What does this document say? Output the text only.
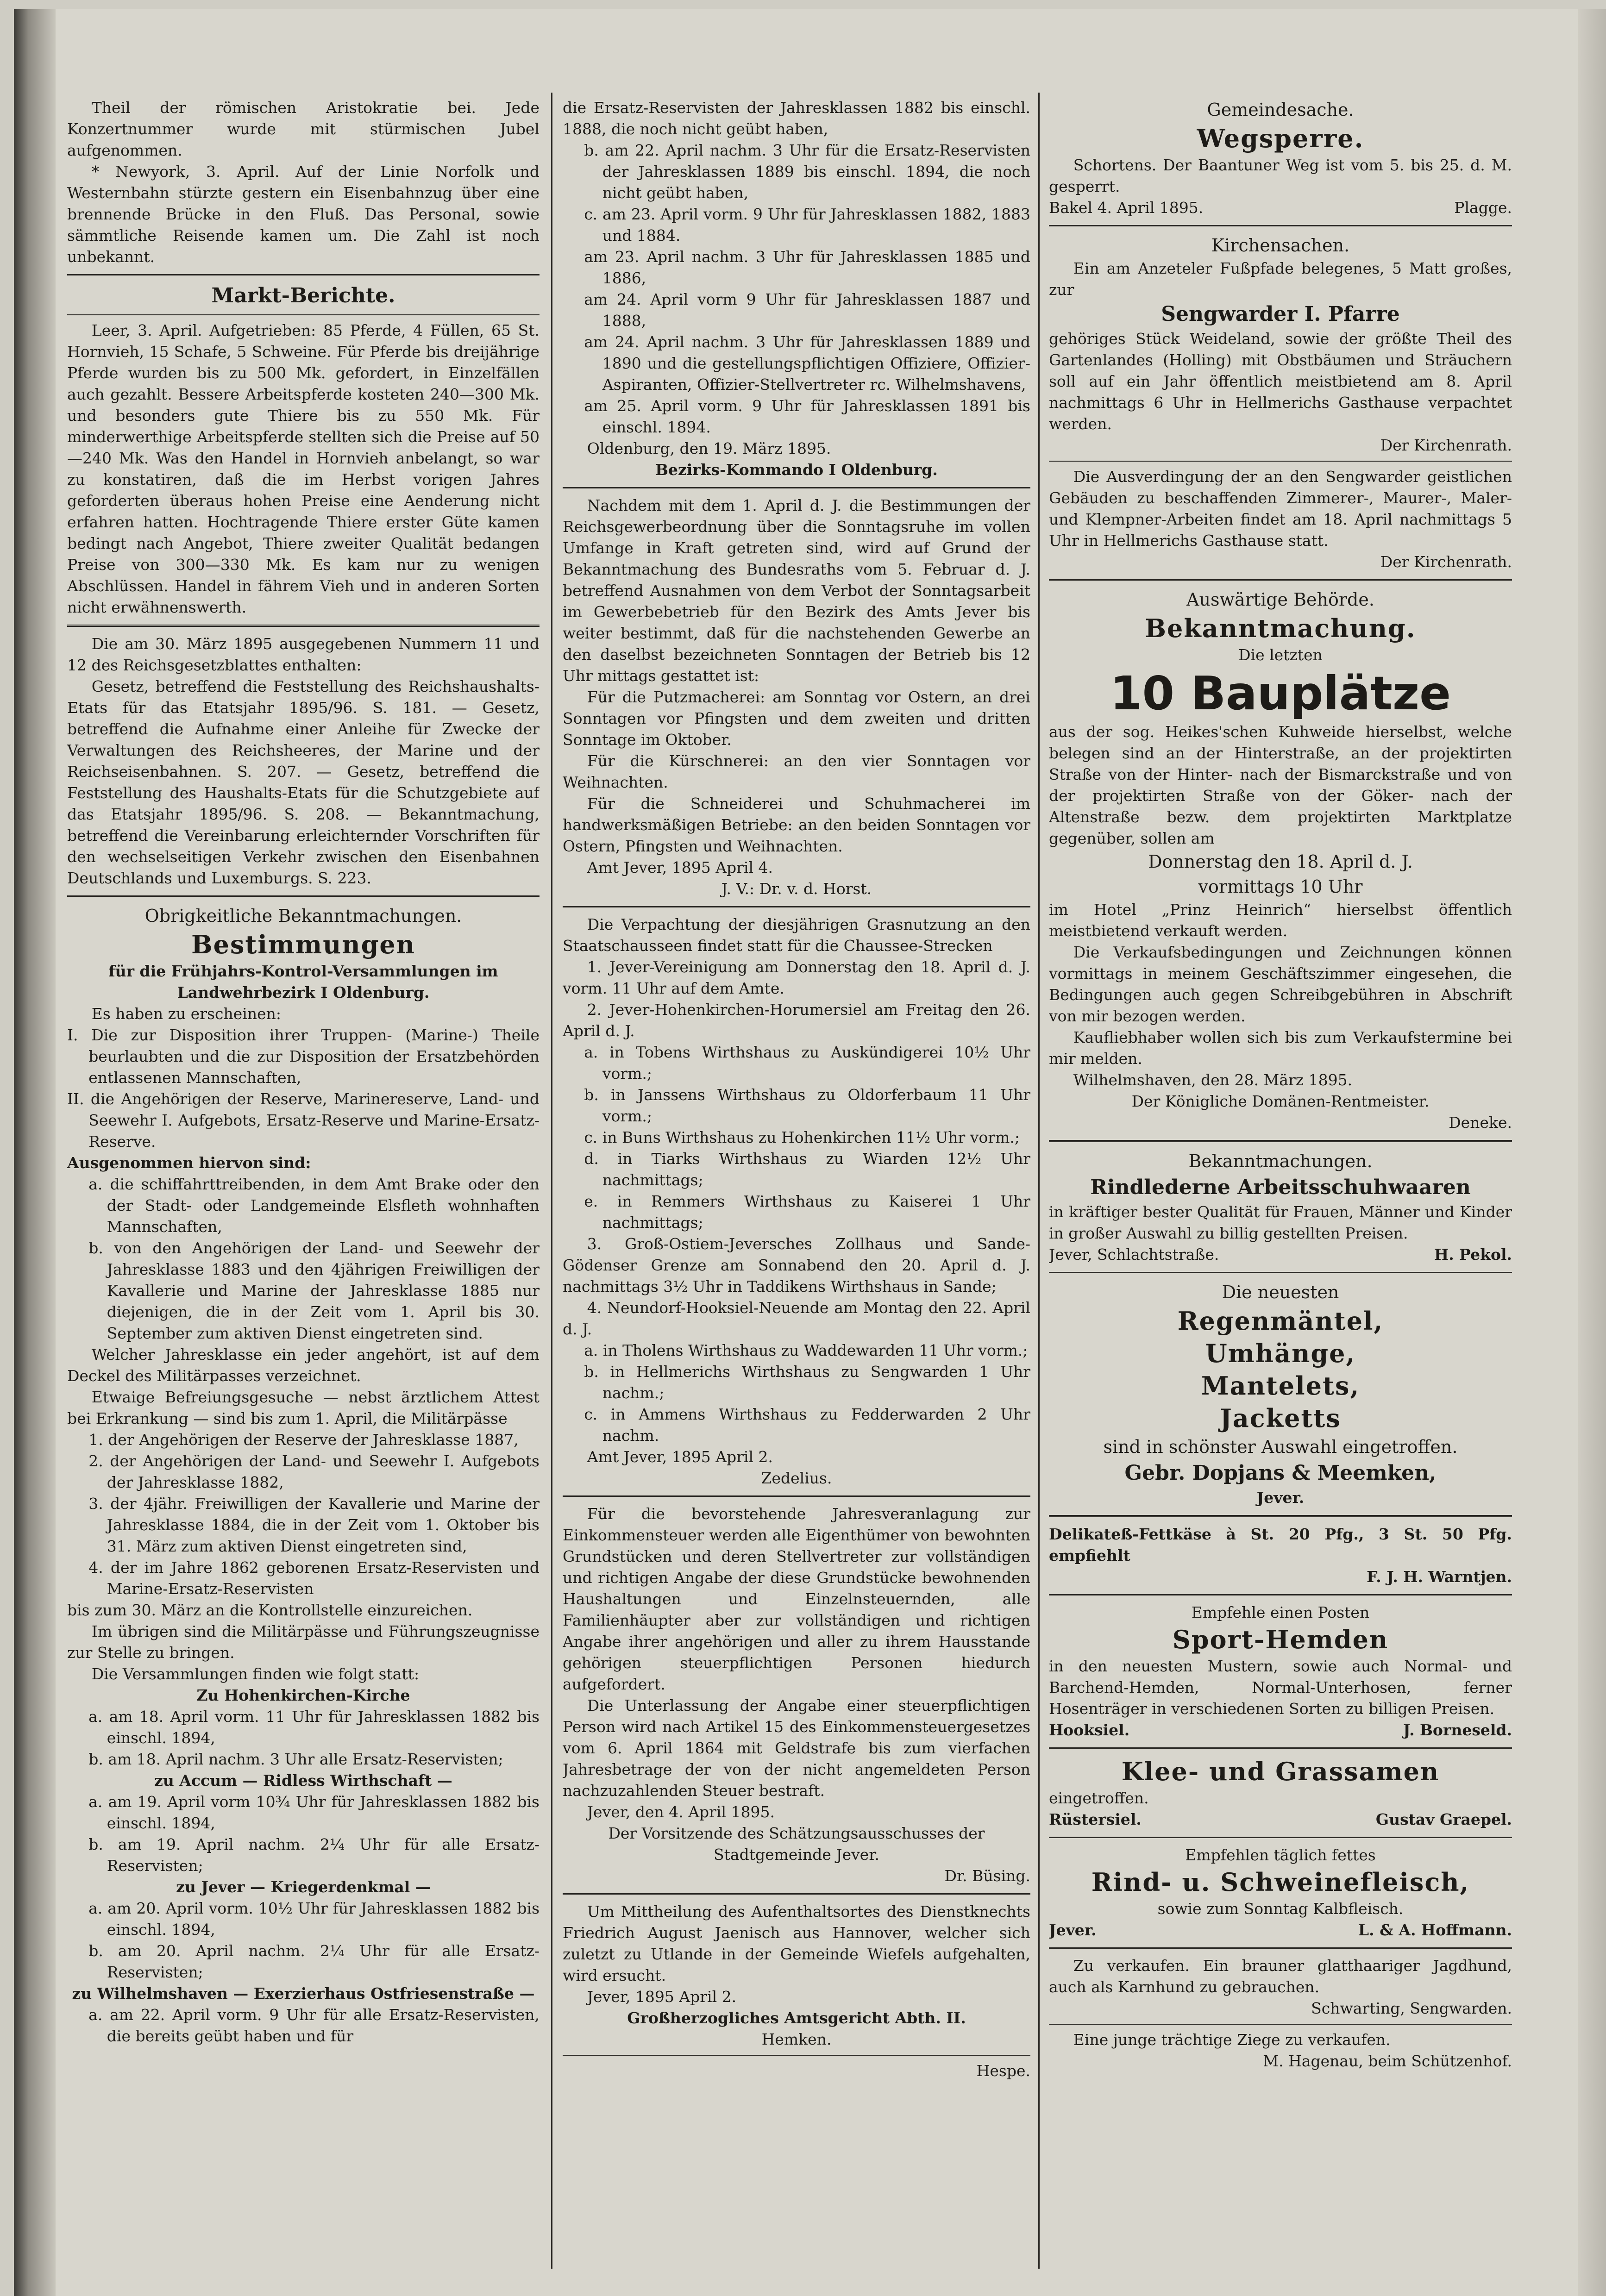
Theil der römischen Aristokratie bei. Jede Konzertnummer wurde mit stürmischen Jubel aufgenommen.

* Newyork, 3. April. Auf der Linie Norfolk und Westernbahn stürzte gestern ein Eisenbahnzug über eine brennende Brücke in den Fluß. Das Personal, sowie sämmtliche Reisende kamen um. Die Zahl ist noch unbekannt.

Markt-Berichte.

Leer, 3. April. Aufgetrieben: 85 Pferde, 4 Füllen, 65 St. Hornvieh, 15 Schafe, 5 Schweine. Für Pferde bis dreijährige Pferde wurden bis zu 500 Mk. gefordert, in Einzelfällen auch gezahlt. Bessere Arbeitspferde kosteten 240—300 Mk. und besonders gute Thiere bis zu 550 Mk. Für minderwerthige Arbeitspferde stellten sich die Preise auf 50—240 Mk. Was den Handel in Hornvieh anbelangt, so war zu konstatiren, daß die im Herbst vorigen Jahres geforderten überaus hohen Preise eine Aenderung nicht erfahren hatten. Hochtragende Thiere erster Güte kamen bedingt nach Angebot, Thiere zweiter Qualität bedangen Preise von 300—330 Mk. Es kam nur zu wenigen Abschlüssen. Handel in fährem Vieh und in anderen Sorten nicht erwähnenswerth.

Die am 30. März 1895 ausgegebenen Nummern 11 und 12 des Reichsgesetzblattes enthalten:

Gesetz, betreffend die Feststellung des Reichshaushalts-Etats für das Etatsjahr 1895/96. S. 181. — Gesetz, betreffend die Aufnahme einer Anleihe für Zwecke der Verwaltungen des Reichsheeres, der Marine und der Reichseisenbahnen. S. 207. — Gesetz, betreffend die Feststellung des Haushalts-Etats für die Schutzgebiete auf das Etatsjahr 1895/96. S. 208. — Bekanntmachung, betreffend die Vereinbarung erleichternder Vorschriften für den wechselseitigen Verkehr zwischen den Eisenbahnen Deutschlands und Luxemburgs. S. 223.

Obrigkeitliche Bekanntmachungen.

Bestimmungen

für die Frühjahrs-Kontrol-Versammlungen im Landwehrbezirk I Oldenburg.

Es haben zu erscheinen:

I. Die zur Disposition ihrer Truppen- (Marine-) Theile beurlaubten und die zur Disposition der Ersatzbehörden entlassenen Mannschaften,

II. die Angehörigen der Reserve, Marinereserve, Land- und Seewehr I. Aufgebots, Ersatz-Reserve und Marine-Ersatz-Reserve.

Ausgenommen hiervon sind:

a. die schiffahrttreibenden, in dem Amt Brake oder den der Stadt- oder Landgemeinde Elsfleth wohnhaften Mannschaften,

b. von den Angehörigen der Land- und Seewehr der Jahresklasse 1883 und den 4jährigen Freiwilligen der Kavallerie und Marine der Jahresklasse 1885 nur diejenigen, die in der Zeit vom 1. April bis 30. September zum aktiven Dienst eingetreten sind.

Welcher Jahresklasse ein jeder angehört, ist auf dem Deckel des Militärpasses verzeichnet.

Etwaige Befreiungsgesuche — nebst ärztlichem Attest bei Erkrankung — sind bis zum 1. April, die Militärpässe

1. der Angehörigen der Reserve der Jahresklasse 1887,

2. der Angehörigen der Land- und Seewehr I. Aufgebots der Jahresklasse 1882,

3. der 4jähr. Freiwilligen der Kavallerie und Marine der Jahresklasse 1884, die in der Zeit vom 1. Oktober bis 31. März zum aktiven Dienst eingetreten sind,

4. der im Jahre 1862 geborenen Ersatz-Reservisten und Marine-Ersatz-Reservisten

bis zum 30. März an die Kontrollstelle einzureichen.

Im übrigen sind die Militärpässe und Führungszeugnisse zur Stelle zu bringen.

Die Versammlungen finden wie folgt statt:

Zu Hohenkirchen-Kirche

a. am 18. April vorm. 11 Uhr für Jahresklassen 1882 bis einschl. 1894,

b. am 18. April nachm. 3 Uhr alle Ersatz-Reservisten;

zu Accum — Ridless Wirthschaft —

a. am 19. April vorm 10¾ Uhr für Jahresklassen 1882 bis einschl. 1894,

b. am 19. April nachm. 2¼ Uhr für alle Ersatz-Reservisten;

zu Jever — Kriegerdenkmal —

a. am 20. April vorm. 10½ Uhr für Jahresklassen 1882 bis einschl. 1894,

b. am 20. April nachm. 2¼ Uhr für alle Ersatz-Reservisten;

zu Wilhelmshaven — Exerzierhaus Ostfriesenstraße —

a. am 22. April vorm. 9 Uhr für alle Ersatz-Reservisten, die bereits geübt haben und für

die Ersatz-Reservisten der Jahresklassen 1882 bis einschl. 1888, die noch nicht geübt haben,

b. am 22. April nachm. 3 Uhr für die Ersatz-Reservisten der Jahresklassen 1889 bis einschl. 1894, die noch nicht geübt haben,

c. am 23. April vorm. 9 Uhr für Jahresklassen 1882, 1883 und 1884.

am 23. April nachm. 3 Uhr für Jahresklassen 1885 und 1886,

am 24. April vorm 9 Uhr für Jahresklassen 1887 und 1888,

am 24. April nachm. 3 Uhr für Jahresklassen 1889 und 1890 und die gestellungspflichtigen Offiziere, Offizier-Aspiranten, Offizier-Stellvertreter rc. Wilhelmshavens,

am 25. April vorm. 9 Uhr für Jahresklassen 1891 bis einschl. 1894.

Oldenburg, den 19. März 1895.

Bezirks-Kommando I Oldenburg.

Nachdem mit dem 1. April d. J. die Bestimmungen der Reichsgewerbeordnung über die Sonntagsruhe im vollen Umfange in Kraft getreten sind, wird auf Grund der Bekanntmachung des Bundesraths vom 5. Februar d. J. betreffend Ausnahmen von dem Verbot der Sonntagsarbeit im Gewerbebetrieb für den Bezirk des Amts Jever bis weiter bestimmt, daß für die nachstehenden Gewerbe an den daselbst bezeichneten Sonntagen der Betrieb bis 12 Uhr mittags gestattet ist:

Für die Putzmacherei: am Sonntag vor Ostern, an drei Sonntagen vor Pfingsten und dem zweiten und dritten Sonntage im Oktober.

Für die Kürschnerei: an den vier Sonntagen vor Weihnachten.

Für die Schneiderei und Schuhmacherei im handwerksmäßigen Betriebe: an den beiden Sonntagen vor Ostern, Pfingsten und Weihnachten.

Amt Jever, 1895 April 4.

J. V.: Dr. v. d. Horst.

Die Verpachtung der diesjährigen Grasnutzung an den Staatschausseen findet statt für die Chaussee-Strecken

1. Jever-Vereinigung am Donnerstag den 18. April d. J. vorm. 11 Uhr auf dem Amte.

2. Jever-Hohenkirchen-Horumersiel am Freitag den 26. April d. J.

a. in Tobens Wirthshaus zu Auskündigerei 10½ Uhr vorm.;

b. in Janssens Wirthshaus zu Oldorferbaum 11 Uhr vorm.;

c. in Buns Wirthshaus zu Hohenkirchen 11½ Uhr vorm.;

d. in Tiarks Wirthshaus zu Wiarden 12½ Uhr nachmittags;

e. in Remmers Wirthshaus zu Kaiserei 1 Uhr nachmittags;

3. Groß-Ostiem-Jeversches Zollhaus und Sande-Gödenser Grenze am Sonnabend den 20. April d. J. nachmittags 3½ Uhr in Taddikens Wirthshaus in Sande;

4. Neundorf-Hooksiel-Neuende am Montag den 22. April d. J.

a. in Tholens Wirthshaus zu Waddewarden 11 Uhr vorm.;

b. in Hellmerichs Wirthshaus zu Sengwarden 1 Uhr nachm.;

c. in Ammens Wirthshaus zu Fedderwarden 2 Uhr nachm.

Amt Jever, 1895 April 2.

Zedelius.

Für die bevorstehende Jahresveranlagung zur Einkommensteuer werden alle Eigenthümer von bewohnten Grundstücken und deren Stellvertreter zur vollständigen und richtigen Angabe der diese Grundstücke bewohnenden Haushaltungen und Einzelnsteuernden, alle Familienhäupter aber zur vollständigen und richtigen Angabe ihrer angehörigen und aller zu ihrem Hausstande gehörigen steuerpflichtigen Personen hiedurch aufgefordert.

Die Unterlassung der Angabe einer steuerpflichtigen Person wird nach Artikel 15 des Einkommensteuergesetzes vom 6. April 1864 mit Geldstrafe bis zum vierfachen Jahresbetrage der von der nicht angemeldeten Person nachzuzahlenden Steuer bestraft.

Jever, den 4. April 1895.

Der Vorsitzende des Schätzungsausschusses der Stadtgemeinde Jever.

Dr. Büsing.

Um Mittheilung des Aufenthaltsortes des Dienstknechts Friedrich August Jaenisch aus Hannover, welcher sich zuletzt zu Utlande in der Gemeinde Wiefels aufgehalten, wird ersucht.

Jever, 1895 April 2.

Großherzogliches Amtsgericht Abth. II.

Hemken.

Hespe.

Gemeindesache.

Wegsperre.

Schortens. Der Baantuner Weg ist vom 5. bis 25. d. M. gesperrt.

Bakel 4. April 1895.	Plagge.

Kirchensachen.

Ein am Anzeteler Fußpfade belegenes, 5 Matt großes, zur

Sengwarder I. Pfarre

gehöriges Stück Weideland, sowie der größte Theil des Gartenlandes (Holling) mit Obstbäumen und Sträuchern soll auf ein Jahr öffentlich meistbietend am 8. April nachmittags 6 Uhr in Hellmerichs Gasthause verpachtet werden.

Der Kirchenrath.

Die Ausverdingung der an den Sengwarder geistlichen Gebäuden zu beschaffenden Zimmerer-, Maurer-, Maler- und Klempner-Arbeiten findet am 18. April nachmittags 5 Uhr in Hellmerichs Gasthause statt.

Der Kirchenrath.

Auswärtige Behörde.

Bekanntmachung.

Die letzten

10 Bauplätze

aus der sog. Heikes'schen Kuhweide hierselbst, welche belegen sind an der Hinterstraße, an der projektirten Straße von der Hinter- nach der Bismarckstraße und von der projektirten Straße von der Göker- nach der Altenstraße bezw. dem projektirten Marktplatze gegenüber, sollen am

Donnerstag den 18. April d. J.

vormittags 10 Uhr

im Hotel „Prinz Heinrich“ hierselbst öffentlich meistbietend verkauft werden.

Die Verkaufsbedingungen und Zeichnungen können vormittags in meinem Geschäftszimmer eingesehen, die Bedingungen auch gegen Schreibgebühren in Abschrift von mir bezogen werden.

Kaufliebhaber wollen sich bis zum Verkaufstermine bei mir melden.

Wilhelmshaven, den 28. März 1895.

Der Königliche Domänen-Rentmeister.

Deneke.

Bekanntmachungen.

Rindlederne Arbeitsschuhwaaren

in kräftiger bester Qualität für Frauen, Männer und Kinder in großer Auswahl zu billig gestellten Preisen.

Jever, Schlachtstraße.	H. Pekol.

Die neuesten

Regenmäntel,

Umhänge,

Mantelets,

Jacketts

sind in schönster Auswahl eingetroffen.

Gebr. Dopjans & Meemken,

Jever.

Delikateß-Fettkäse à St. 20 Pfg., 3 St. 50 Pfg. empfiehlt

F. J. H. Warntjen.

Empfehle einen Posten

Sport-Hemden

in den neuesten Mustern, sowie auch Normal- und Barchend-Hemden, Normal-Unterhosen, ferner Hosenträger in verschiedenen Sorten zu billigen Preisen.

Hooksiel.	J. Borneseld.

Klee- und Grassamen

eingetroffen.

Rüstersiel.	Gustav Graepel.

Empfehlen täglich fettes

Rind- u. Schweinefleisch,

sowie zum Sonntag Kalbfleisch.

Jever.	L. & A. Hoffmann.

Zu verkaufen. Ein brauner glatthaariger Jagdhund, auch als Karnhund zu gebrauchen.

Schwarting, Sengwarden.

Eine junge trächtige Ziege zu verkaufen.

M. Hagenau, beim Schützenhof.
